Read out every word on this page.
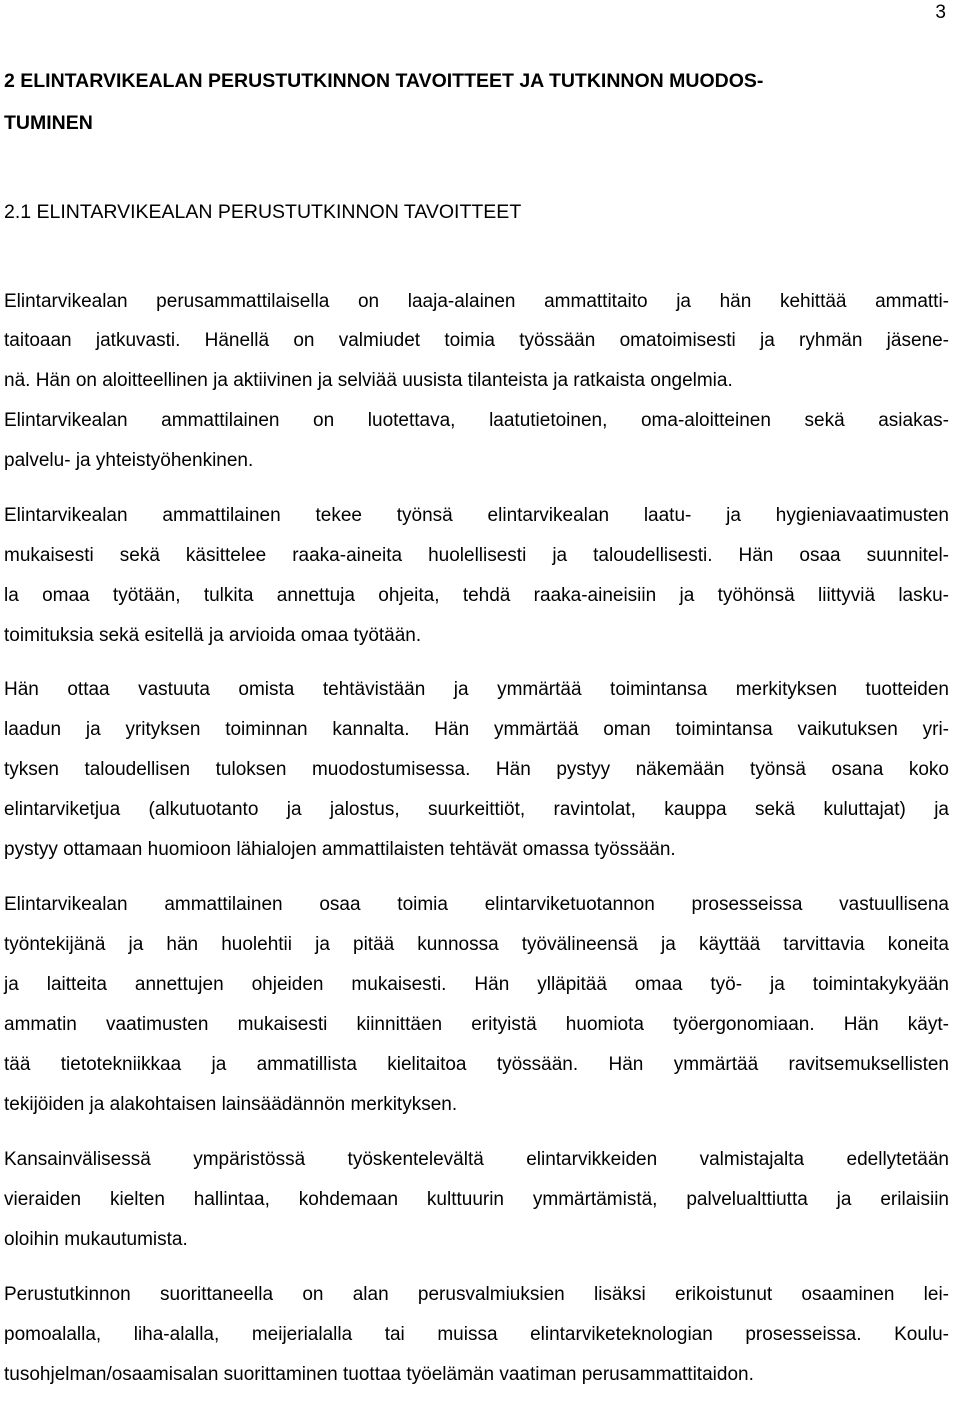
3
2 ELINTARVIKEALAN PERUSTUTKINNON TAVOITTEET JA TUTKINNON MUODOS-
TUMINEN
2.1 ELINTARVIKEALAN PERUSTUTKINNON TAVOITTEET
Elintarvikealan perusammattilaisella on laaja-alainen ammattitaito ja hän kehittää ammatti-
taitoaan jatkuvasti. Hänellä on valmiudet toimia työssään omatoimisesti ja ryhmän jäsene-
nä. Hän on aloitteellinen ja aktiivinen ja selviää uusista tilanteista ja ratkaista ongelmia.
Elintarvikealan ammattilainen on luotettava, laatutietoinen, oma-aloitteinen sekä asiakas-
palvelu- ja yhteistyöhenkinen.
Elintarvikealan ammattilainen tekee työnsä elintarvikealan laatu- ja hygieniavaatimusten
mukaisesti sekä käsittelee raaka-aineita huolellisesti ja taloudellisesti. Hän osaa suunnitel-
la omaa työtään, tulkita annettuja ohjeita, tehdä raaka-aineisiin ja työhönsä liittyviä lasku-
toimituksia sekä esitellä ja arvioida omaa työtään.
Hän ottaa vastuuta omista tehtävistään ja ymmärtää toimintansa merkityksen tuotteiden
laadun ja yrityksen toiminnan kannalta. Hän ymmärtää oman toimintansa vaikutuksen yri-
tyksen taloudellisen tuloksen muodostumisessa. Hän pystyy näkemään työnsä osana koko
elintarviketjua (alkutuotanto ja jalostus, suurkeittiöt, ravintolat, kauppa sekä kuluttajat) ja
pystyy ottamaan huomioon lähialojen ammattilaisten tehtävät omassa työssään.
Elintarvikealan ammattilainen osaa toimia elintarviketuotannon prosesseissa vastuullisena
työntekijänä ja hän huolehtii ja pitää kunnossa työvälineensä ja käyttää tarvittavia koneita
ja laitteita annettujen ohjeiden mukaisesti. Hän ylläpitää omaa työ- ja toimintakykyään
ammatin vaatimusten mukaisesti kiinnittäen erityistä huomiota työergonomiaan. Hän käyt-
tää tietotekniikkaa ja ammatillista kielitaitoa työssään. Hän ymmärtää ravitsemuksellisten
tekijöiden ja alakohtaisen lainsäädännön merkityksen.
Kansainvälisessä ympäristössä työskentelevältä elintarvikkeiden valmistajalta edellytetään
vieraiden kielten hallintaa, kohdemaan kulttuurin ymmärtämistä, palvelualttiutta ja erilaisiin
oloihin mukautumista.
Perustutkinnon suorittaneella on alan perusvalmiuksien lisäksi erikoistunut osaaminen lei-
pomoalalla, liha-alalla, meijerialalla tai muissa elintarviketeknologian prosesseissa. Koulu-
tusohjelman/osaamisalan suorittaminen tuottaa työelämän vaatiman perusammattitaidon.
